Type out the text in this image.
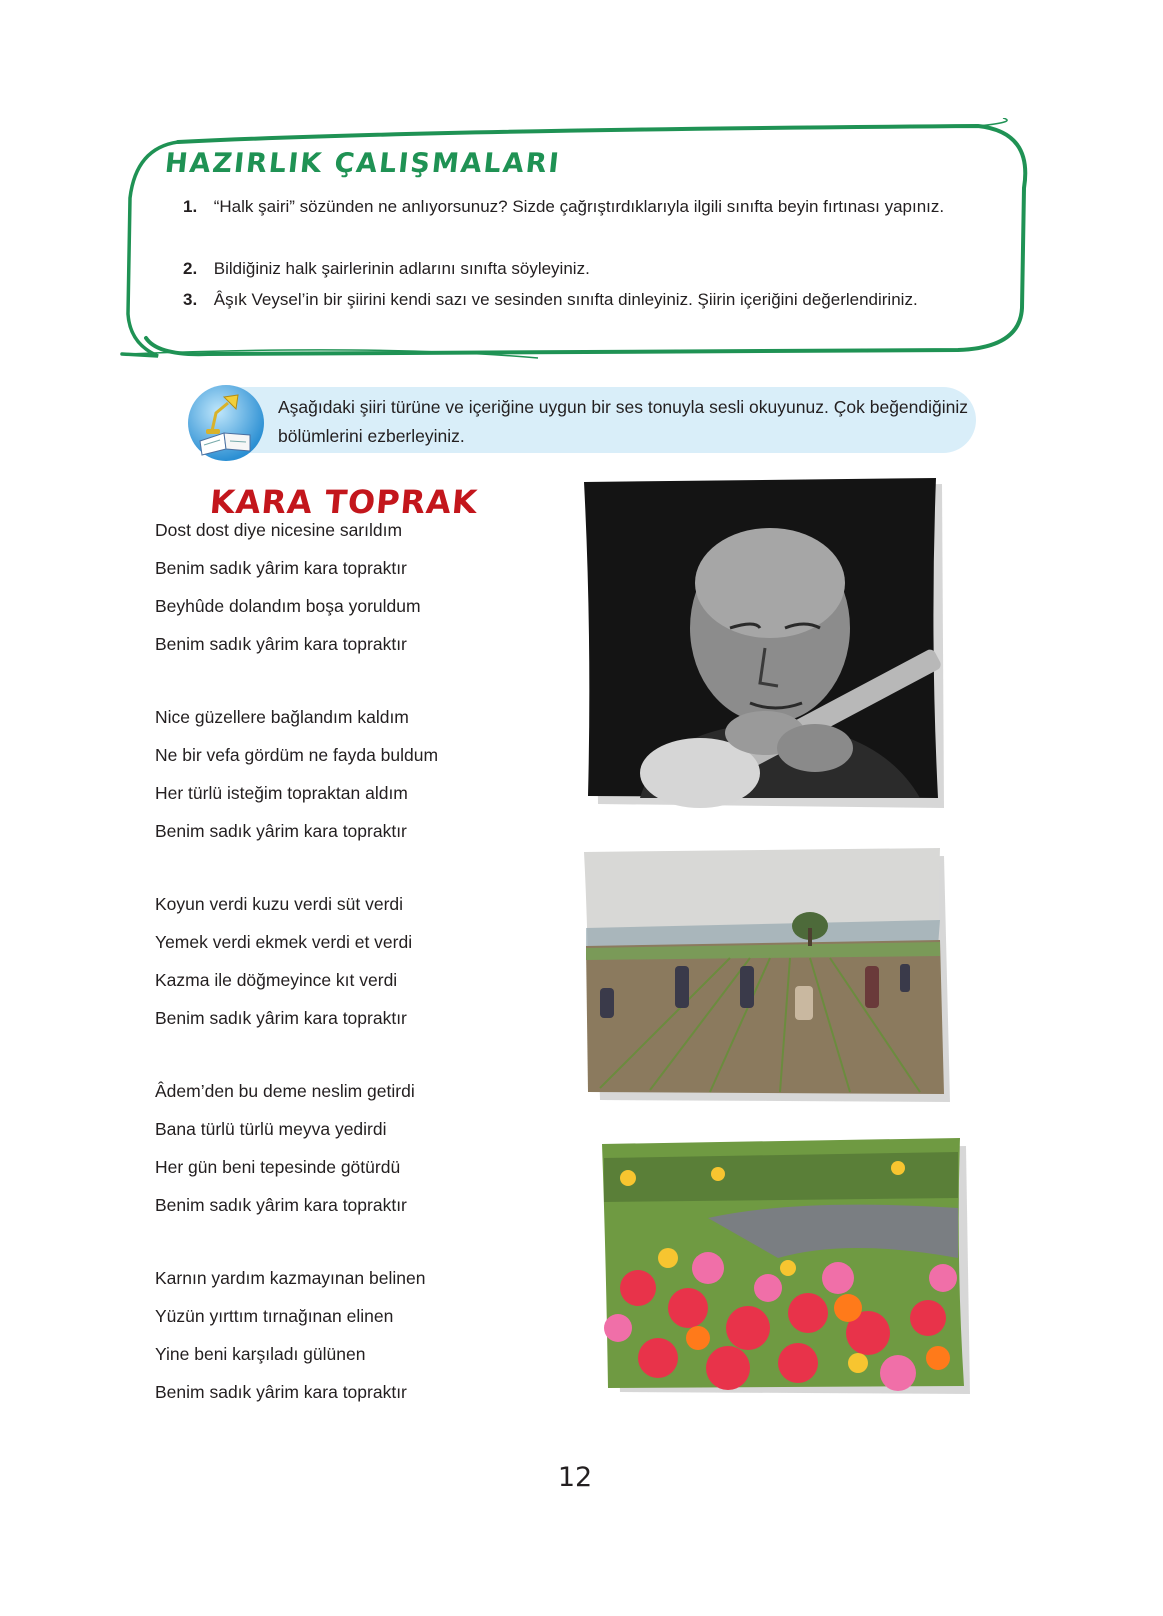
HAZIRLIK ÇALIŞMALARI

1. “Halk şairi” sözünden ne anlıyorsunuz? Sizde çağrıştırdıklarıyla ilgili sınıfta beyin fırtınası yapınız.

2. Bildiğiniz halk şairlerinin adlarını sınıfta söyleyiniz.

3. Âşık Veysel’in bir şiirini kendi sazı ve sesinden sınıfta dinleyiniz. Şiirin içeriğini değerlendiriniz.

Aşağıdaki şiiri türüne ve içeriğine uygun bir ses tonuyla sesli okuyunuz. Çok beğendiğiniz bölümlerini ezberleyiniz.

KARA TOPRAK
Dost dost diye nicesine sarıldım
Benim sadık yârim kara topraktır
Beyhûde dolandım boşa yoruldum
Benim sadık yârim kara topraktır
Nice güzellere bağlandım kaldım
Ne bir vefa gördüm ne fayda buldum
Her türlü isteğim topraktan aldım
Benim sadık yârim kara topraktır
Koyun verdi kuzu verdi süt verdi
Yemek verdi ekmek verdi et verdi
Kazma ile döğmeyince kıt verdi
Benim sadık yârim kara topraktır
Âdem’den bu deme neslim getirdi
Bana türlü türlü meyva yedirdi
Her gün beni tepesinde götürdü
Benim sadık yârim kara topraktır
Karnın yardım kazmayınan belinen
Yüzün yırttım tırnağınan elinen
Yine beni karşıladı gülünen
Benim sadık yârim kara topraktır

12
